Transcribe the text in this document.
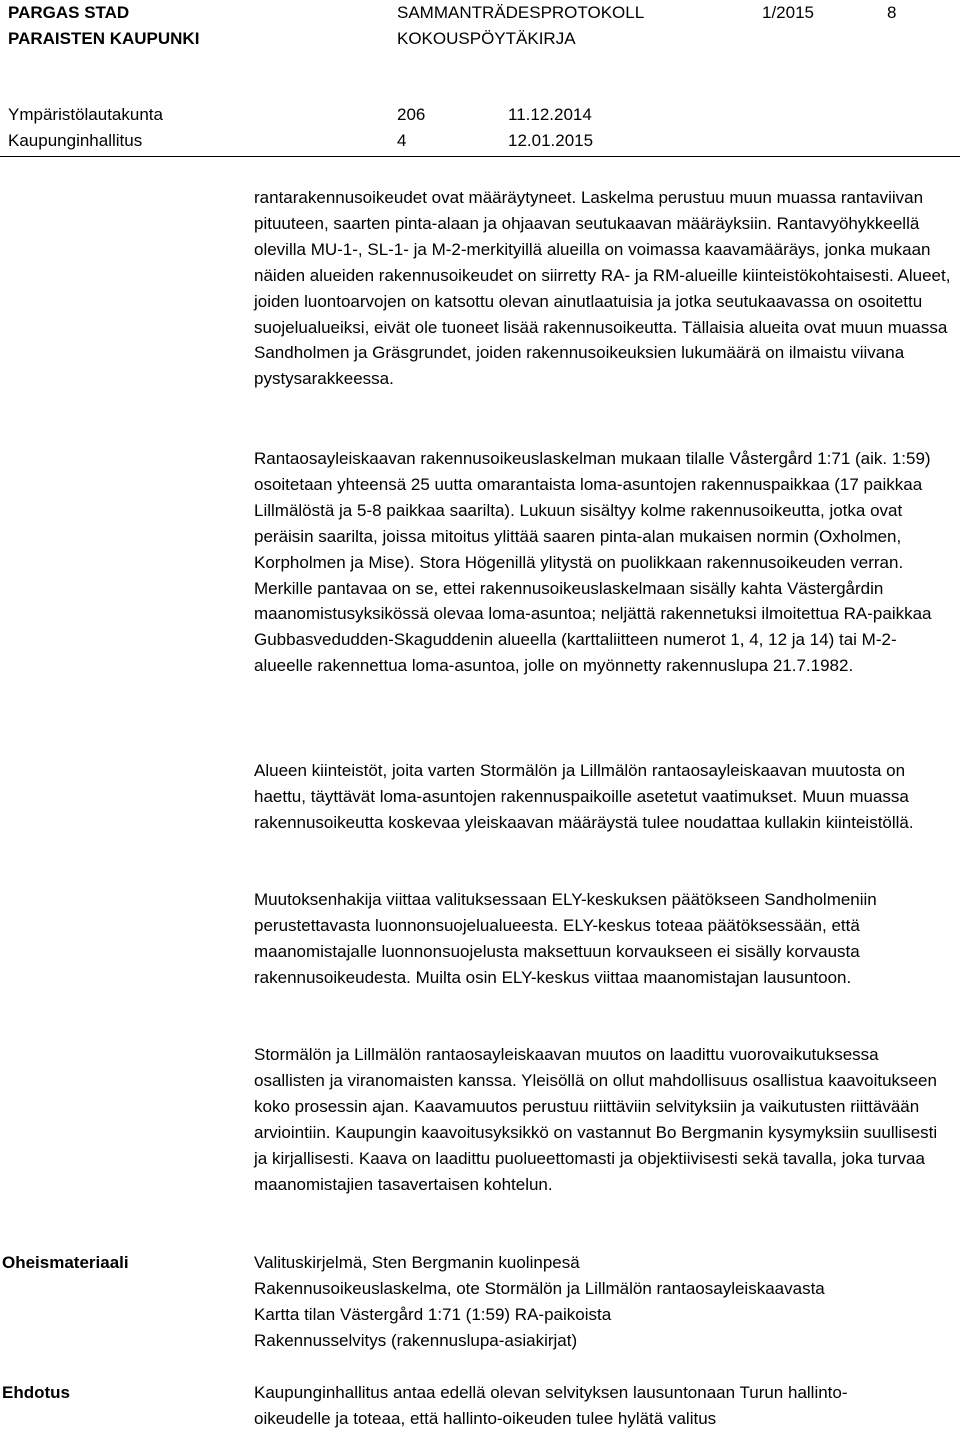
PARGAS STAD
PARAISTEN KAUPUNKI
SAMMANTRÄDESPROTOKOLL
KOKOUSPÖYTÄKIRJA
1/2015	8
Ympäristölautakunta	206	11.12.2014
Kaupunginhallitus	4	12.01.2015

rantarakennusoikeudet ovat määräytyneet. Laskelma perustuu muun muassa rantaviivan pituuteen, saarten pinta-alaan ja ohjaavan seutukaavan määräyksiin. Rantavyöhykkeellä olevilla MU-1-, SL-1- ja M-2-merkityillä alueilla on voimassa kaavamääräys, jonka mukaan näiden alueiden rakennusoikeudet on siirretty RA- ja RM-alueille kiinteistökohtaisesti. Alueet, joiden luontoarvojen on katsottu olevan ainutlaatuisia ja jotka seutukaavassa on osoitettu suojelualueiksi, eivät ole tuoneet lisää rakennusoikeutta. Tällaisia alueita ovat muun muassa Sandholmen ja Gräsgrundet, joiden rakennusoikeuksien lukumäärä on ilmaistu viivana pystysarakkeessa.

Rantaosayleiskaavan rakennusoikeuslaskelman mukaan tilalle Våstergård 1:71 (aik. 1:59) osoitetaan yhteensä 25 uutta omarantaista loma-asuntojen rakennuspaikkaa (17 paikkaa Lillmälöstä ja 5-8 paikkaa saarilta). Lukuun sisältyy kolme rakennusoikeutta, jotka ovat peräisin saarilta, joissa mitoitus ylittää saaren pinta-alan mukaisen normin (Oxholmen, Korpholmen ja Mise). Stora Högenillä ylitystä on puolikkaan rakennusoikeuden verran. Merkille pantavaa on se, ettei rakennusoikeuslaskelmaan sisälly kahta Västergårdin maanomistusyksikössä olevaa loma-asuntoa; neljättä rakennetuksi ilmoitettua RA-paikkaa Gubbasvedudden-Skaguddenin alueella (karttaliitteen numerot 1, 4, 12 ja 14) tai M-2-alueelle rakennettua loma-asuntoa, jolle on myönnetty rakennuslupa 21.7.1982.

Alueen kiinteistöt, joita varten Stormälön ja Lillmälön rantaosayleiskaavan muutosta on haettu, täyttävät loma-asuntojen rakennuspaikoille asetetut vaatimukset. Muun muassa rakennusoikeutta koskevaa yleiskaavan määräystä tulee noudattaa kullakin kiinteistöllä.

Muutoksenhakija viittaa valituksessaan ELY-keskuksen päätökseen Sandholmeniin perustettavasta luonnonsuojelualueesta. ELY-keskus toteaa päätöksessään, että maanomistajalle luonnonsuojelusta maksettuun korvaukseen ei sisälly korvausta rakennusoikeudesta. Muilta osin ELY-keskus viittaa maanomistajan lausuntoon.

Stormälön ja Lillmälön rantaosayleiskaavan muutos on laadittu vuorovaikutuksessa osallisten ja viranomaisten kanssa. Yleisöllä on ollut mahdollisuus osallistua kaavoitukseen koko prosessin ajan. Kaavamuutos perustuu riittäviin selvityksiin ja vaikutusten riittävään arviointiin. Kaupungin kaavoitusyksikkö on vastannut Bo Bergmanin kysymyksiin suullisesti ja kirjallisesti. Kaava on laadittu puolueettomasti ja objektiivisesti sekä tavalla, joka turvaa maanomistajien tasavertaisen kohtelun.

Oheismateriaali	Valituskirjelmä, Sten Bergmanin kuolinpesä
Rakennusoikeuslaskelma, ote Stormälön ja Lillmälön rantaosayleiskaavasta
Kartta tilan Västergård 1:71 (1:59) RA-paikoista
Rakennusselvitys (rakennuslupa-asiakirjat)
Ehdotus	Kaupunginhallitus antaa edellä olevan selvityksen lausuntonaan Turun hallinto-oikeudelle ja toteaa, että hallinto-oikeuden tulee hylätä valitus
